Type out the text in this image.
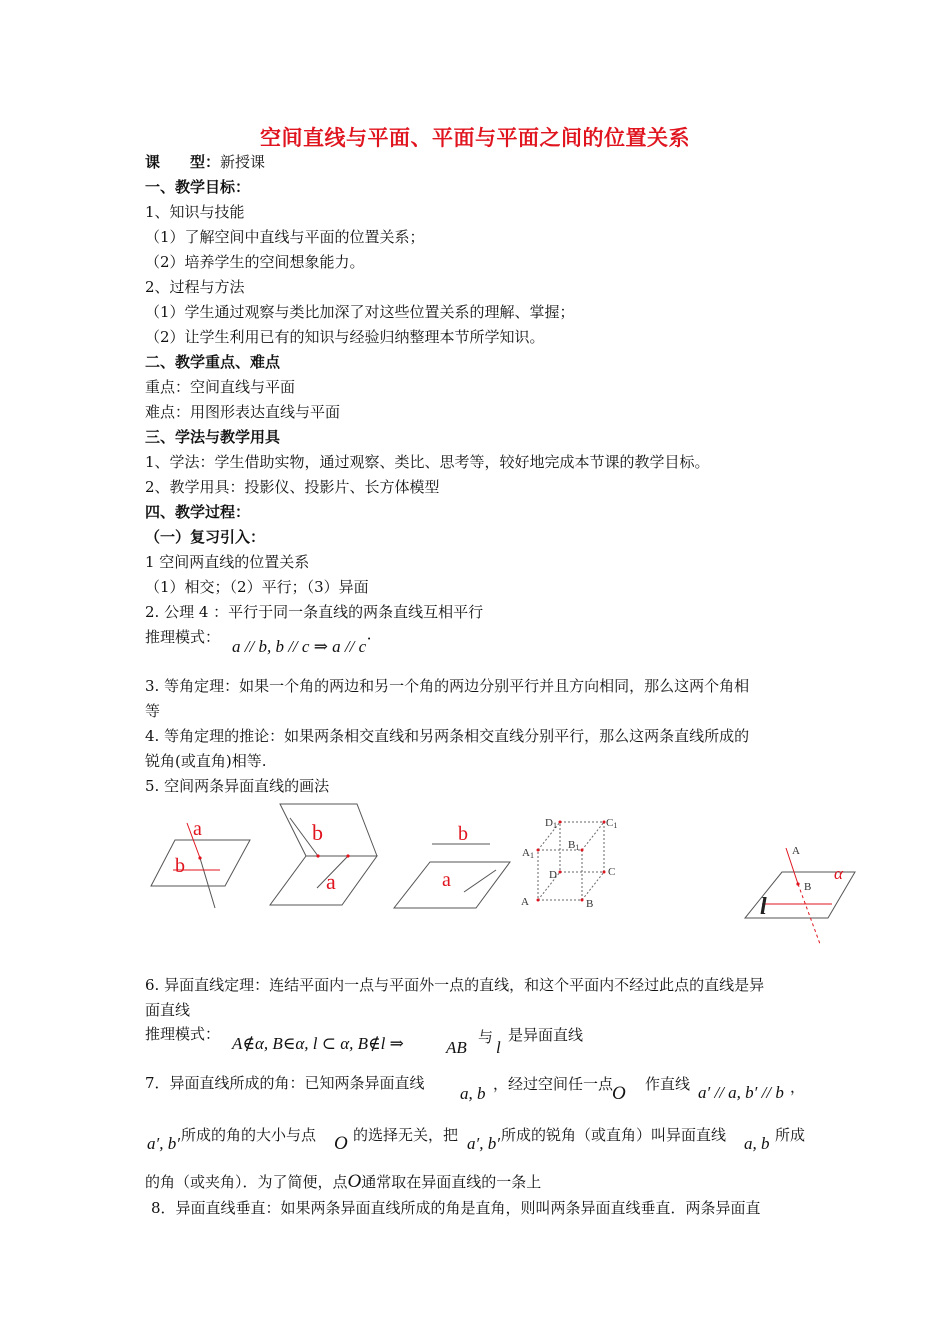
空间直线与平面、平面与平面之间的位置关系
课　　型：新授课
一、教学目标：
1、知识与技能
（1）了解空间中直线与平面的位置关系；
（2）培养学生的空间想象能力。
2、过程与方法
（1）学生通过观察与类比加深了对这些位置关系的理解、掌握；
（2）让学生利用已有的知识与经验归纳整理本节所学知识。
二、教学重点、难点
重点：空间直线与平面
难点：用图形表达直线与平面
三、学法与教学用具
1、学法：学生借助实物，通过观察、类比、思考等，较好地完成本节课的教学目标。
2、教学用具：投影仪、投影片、长方体模型
四、教学过程：
（一）复习引入：
1 空间两直线的位置关系
（1）相交；（2）平行；（3）异面
2. 公理 4 ：平行于同一条直线的两条直线互相平行
推理模式： a // b, b // c ⇒ a // c·
3. 等角定理：如果一个角的两边和另一个角的两边分别平行并且方向相同，那么这两个角相
等
4. 等角定理的推论：如果两条相交直线和另两条相交直线分别平行，那么这两条直线所成的
锐角(或直角)相等.
5. 空间两条异面直线的画法
a
b
b
a
b
a
D1	C1
A1
B1
D	C
A	B
A
B
α
l
6. 异面直线定理：连结平面内一点与平面外一点的直线，和这个平面内不经过此点的直线是异
面直线
推理模式： A∉α, B∈α, l ⊂ α, B∉l ⇒ AB
与
l
是异面直线
7．异面直线所成的角：已知两条异面直线
a, b ，经过空间任一点
O 作直线 a′ // a, b′ // b ，
a′, b′ 所成的角的大小与点 O 的选择无关，把 a′, b′ 所成的锐角（或直角）叫异面直线 a, b 所成
的角（或夹角）．为了简便，点O通常取在异面直线的一条上
8．异面直线垂直：如果两条异面直线所成的角是直角，则叫两条异面直线垂直．两条异面直
